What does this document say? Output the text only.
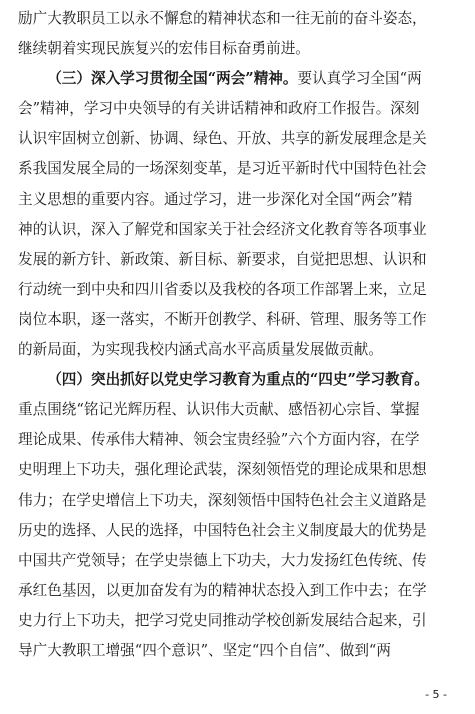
励广大教职员工以永不懈怠的精神状态和一往无前的奋斗姿态，
继续朝着实现民族复兴的宏伟目标奋勇前进。
（三）深入学习贯彻全国“两会”精神。要认真学习全国“两
会”精神，学习中央领导的有关讲话精神和政府工作报告。深刻
认识牢固树立创新、协调、绿色、开放、共享的新发展理念是关
系我国发展全局的一场深刻变革，是习近平新时代中国特色社会
主义思想的重要内容。通过学习，进一步深化对全国“两会”精
神的认识，深入了解党和国家关于社会经济文化教育等各项事业
发展的新方针、新政策、新目标、新要求，自觉把思想、认识和
行动统一到中央和四川省委以及我校的各项工作部署上来，立足
岗位本职，逐一落实，不断开创教学、科研、管理、服务等工作
的新局面，为实现我校内涵式高水平高质量发展做贡献。
（四）突出抓好以党史学习教育为重点的“四史”学习教育。
重点围绕“铭记光辉历程、认识伟大贡献、感悟初心宗旨、掌握
理论成果、传承伟大精神、领会宝贵经验”六个方面内容，在学
史明理上下功夫，强化理论武装，深刻领悟党的理论成果和思想
伟力；在学史增信上下功夫，深刻领悟中国特色社会主义道路是
历史的选择、人民的选择，中国特色社会主义制度最大的优势是
中国共产党领导；在学史崇德上下功夫，大力发扬红色传统、传
承红色基因，以更加奋发有为的精神状态投入到工作中去；在学
史力行上下功夫，把学习党史同推动学校创新发展结合起来，引
导广大教职工增强“四个意识”、坚定“四个自信”、做到“两
- 5 -
